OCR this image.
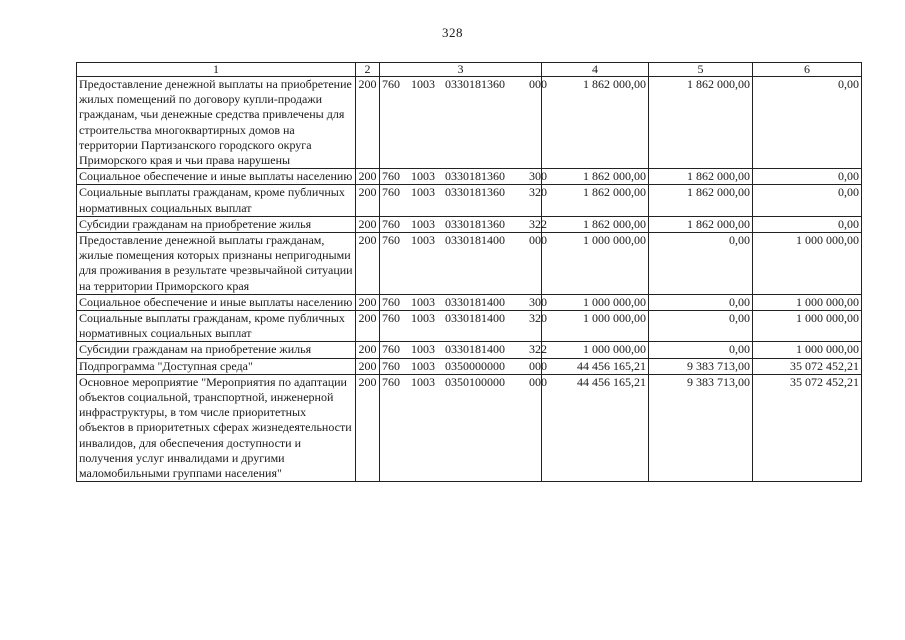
328
1	2	3	4	5	6
Предоставление денежной выплаты на приобретение жилых помещений по договору купли-продажи гражданам, чьи денежные средства привлечены для строительства многоквартирных домов на территории Партизанского городского округа Приморского края и чьи права нарушены	200	760 1003 0330181360 000	1 862 000,00	1 862 000,00	0,00
Социальное обеспечение и иные выплаты населению	200	760 1003 0330181360 300	1 862 000,00	1 862 000,00	0,00
Социальные выплаты гражданам, кроме публичных нормативных социальных выплат	200	760 1003 0330181360 320	1 862 000,00	1 862 000,00	0,00
Субсидии гражданам на приобретение жилья	200	760 1003 0330181360 322	1 862 000,00	1 862 000,00	0,00
Предоставление денежной выплаты гражданам, жилые помещения которых признаны непригодными для проживания в результате чрезвычайной ситуации на территории Приморского края	200	760 1003 0330181400 000	1 000 000,00	0,00	1 000 000,00
Социальное обеспечение и иные выплаты населению	200	760 1003 0330181400 300	1 000 000,00	0,00	1 000 000,00
Социальные выплаты гражданам, кроме публичных нормативных социальных выплат	200	760 1003 0330181400 320	1 000 000,00	0,00	1 000 000,00
Субсидии гражданам на приобретение жилья	200	760 1003 0330181400 322	1 000 000,00	0,00	1 000 000,00
Подпрограмма "Доступная среда"	200	760 1003 0350000000 000	44 456 165,21	9 383 713,00	35 072 452,21
Основное мероприятие "Мероприятия по адаптации объектов социальной, транспортной, инженерной инфраструктуры, в том числе приоритетных объектов в приоритетных сферах жизнедеятельности инвалидов, для обеспечения доступности и получения услуг инвалидами и другими маломобильными группами населения"	200	760 1003 0350100000 000	44 456 165,21	9 383 713,00	35 072 452,21
